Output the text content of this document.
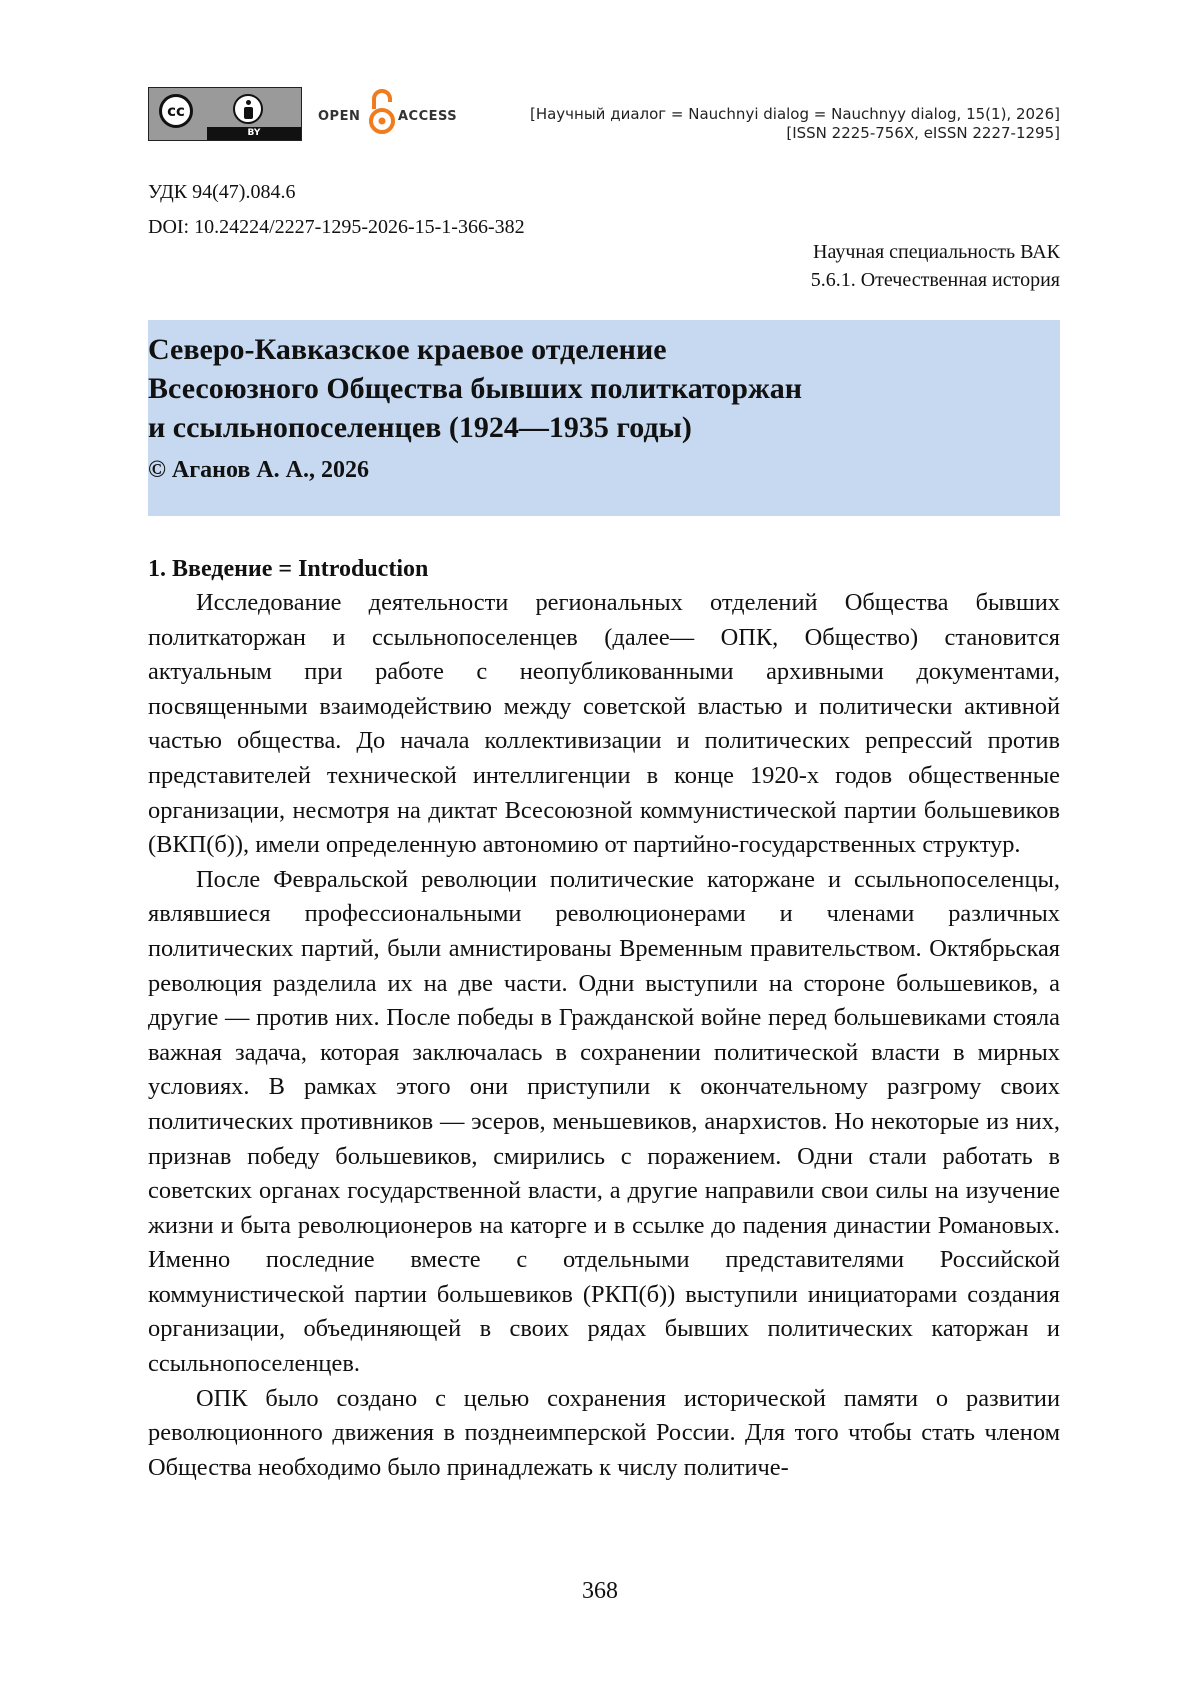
cc
BY
OPEN	ACCESS	[Научный диалог = Nauchnyi dialog = Nauchnyy dialog, 15(1), 2026]
[ISSN 2225-756X, eISSN 2227-1295]
УДК 94(47).084.6
DOI: 10.24224/2227-1295-2026-15-1-366-382
Научная специальность ВАК
5.6.1. Отечественная история
Северо-Кавказское краевое отделение
Всесоюзного Общества бывших политкаторжан
и ссыльнопоселенцев (1924—1935 годы)
© Аганов А. А., 2026
1. Введение = Introduction

Исследование деятельности региональных отделений Общества бывших политкаторжан и ссыльнопоселенцев (далее— ОПК, Общество) становится актуальным при работе с неопубликованными архивными документами, посвященными взаимодействию между советской властью и политически активной частью общества. До начала коллективизации и политических репрессий против представителей технической интеллигенции в конце 1920-х годов общественные организации, несмотря на диктат Всесоюзной коммунистической партии большевиков (ВКП(б)), имели определенную автономию от партийно-государственных структур.

После Февральской революции политические каторжане и ссыльнопоселенцы, являвшиеся профессиональными революционерами и членами различных политических партий, были амнистированы Временным правительством. Октябрьская революция разделила их на две части. Одни выступили на стороне большевиков, а другие — против них. После победы в Гражданской войне перед большевиками стояла важная задача, которая заключалась в сохранении политической власти в мирных условиях. В рамках этого они приступили к окончательному разгрому своих политических противников — эсеров, меньшевиков, анархистов. Но некоторые из них, признав победу большевиков, смирились с поражением. Одни стали работать в советских органах государственной власти, а другие направили свои силы на изучение жизни и быта революционеров на каторге и в ссылке до падения династии Романовых. Именно последние вместе с отдельными представителями Российской коммунистической партии большевиков (РКП(б)) выступили инициаторами создания организации, объединяющей в своих рядах бывших политических каторжан и ссыльнопоселенцев.

ОПК было создано с целью сохранения исторической памяти о развитии революционного движения в позднеимперской России. Для того чтобы стать членом Общества необходимо было принадлежать к числу политиче-

368
